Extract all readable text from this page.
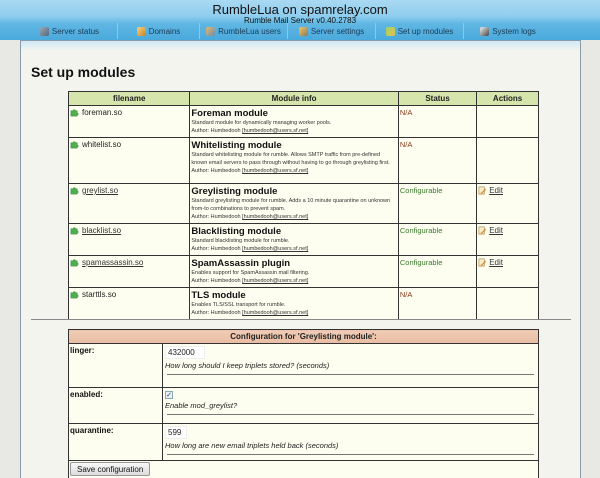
RumbleLua on spamrelay.com
Rumble Mail Server v0.40.2783
Server status	Domains	RumbleLua users	Server settings	Set up modules	System logs
Set up modules
filename	Module info	Status	Actions

foreman.so	Foreman module
Standard module for dynamically managing worker pools.
Author: Humbedooh [humbedooh@users.sf.net]	N/A	

whitelist.so	Whitelisting module
Standard whitelisting module for rumble. Allows SMTP traffic from pre-defined known email servers to pass through without having to go through greylisting first.
Author: Humbedooh [humbedooh@users.sf.net]	N/A	

greylist.so	Greylisting module
Standard greylisting module for rumble. Adds a 10 minute quarantine on unknown from-to combinations to prevent spam.
Author: Humbedooh [humbedooh@users.sf.net]	Configurable	Edit

blacklist.so	Blacklisting module
Standard blacklisting module for rumble.
Author: Humbedooh [humbedooh@users.sf.net]	Configurable	Edit

spamassassin.so	SpamAssassin plugin
Enables support for SpamAssassin mail filtering.
Author: Humbedooh [humbedooh@users.sf.net]	Configurable	Edit

starttls.so	TLS module
Enables TLS/SSL transport for rumble.
Author: Humbedooh [humbedooh@users.sf.net]	N/A	
Configuration for 'Greylisting module':	
linger:	432000
How long should I keep triplets stored? (seconds)

enabled:	✓
Enable mod_greylist?

quarantine:	599
How long are new email triplets held back (seconds)

Save configuration	
